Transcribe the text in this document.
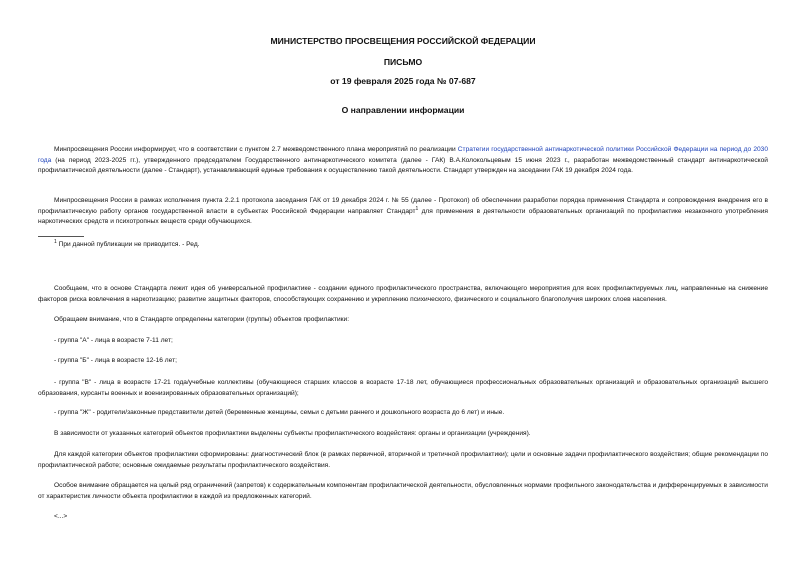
МИНИСТЕРСТВО ПРОСВЕЩЕНИЯ РОССИЙСКОЙ ФЕДЕРАЦИИ

ПИСЬМО

от 19 февраля 2025 года № 07-687

О направлении информации

Минпросвещения России информирует, что в соответствии с пунктом 2.7 межведомственного плана мероприятий по реализации Стратегии государственной антинаркотической политики Российской Федерации на период до 2030 года (на период 2023-2025 гг.), утвержденного председателем Государственного антинаркотического комитета (далее - ГАК) В.А.Колокольцевым 15 июня 2023 г., разработан межведомственный стандарт антинаркотической профилактической деятельности (далее - Стандарт), устанавливающий единые требования к осуществлению такой деятельности. Стандарт утвержден на заседании ГАК 19 декабря 2024 года.

Минпросвещения России в рамках исполнения пункта 2.2.1 протокола заседания ГАК от 19 декабря 2024 г. № 55 (далее - Протокол) об обеспечении разработки порядка применения Стандарта и сопровождения внедрения его в профилактическую работу органов государственной власти в субъектах Российской Федерации направляет Стандарт$^1$ для применения в деятельности образовательных организаций по профилактике незаконного употребления наркотических средств и психотропных веществ среди обучающихся.

$^1$ При данной публикации не приводится. - Ред.

Сообщаем, что в основе Стандарта лежит идея об универсальной профилактике - создании единого профилактического пространства, включающего мероприятия для всех профилактируемых лиц, направленные на снижение факторов риска вовлечения в наркотизацию; развитие защитных факторов, способствующих сохранению и укреплению психического, физического и социального благополучия широких слоев населения.

Обращаем внимание, что в Стандарте определены категории (группы) объектов профилактики:

- группа "А" - лица в возрасте 7-11 лет;

- группа "Б" - лица в возрасте 12-16 лет;

- группа "В" - лица в возрасте 17-21 года/учебные коллективы (обучающиеся старших классов в возрасте 17-18 лет, обучающиеся профессиональных образовательных организаций и образовательных организаций высшего образования, курсанты военных и военизированных образовательных организаций);

- группа "Ж" - родители/законные представители детей (беременные женщины, семьи с детьми раннего и дошкольного возраста до 6 лет) и иные.

В зависимости от указанных категорий объектов профилактики выделены субъекты профилактического воздействия: органы и организации (учреждения).

Для каждой категории объектов профилактики сформированы: диагностический блок (в рамках первичной, вторичной и третичной профилактики); цели и основные задачи профилактического воздействия; общие рекомендации по профилактической работе; основные ожидаемые результаты профилактического воздействия.

Особое внимание обращается на целый ряд ограничений (запретов) к содержательным компонентам профилактической деятельности, обусловленных нормами профильного законодательства и дифференцируемых в зависимости от характеристик личности объекта профилактики в каждой из предложенных категорий.

<...>
